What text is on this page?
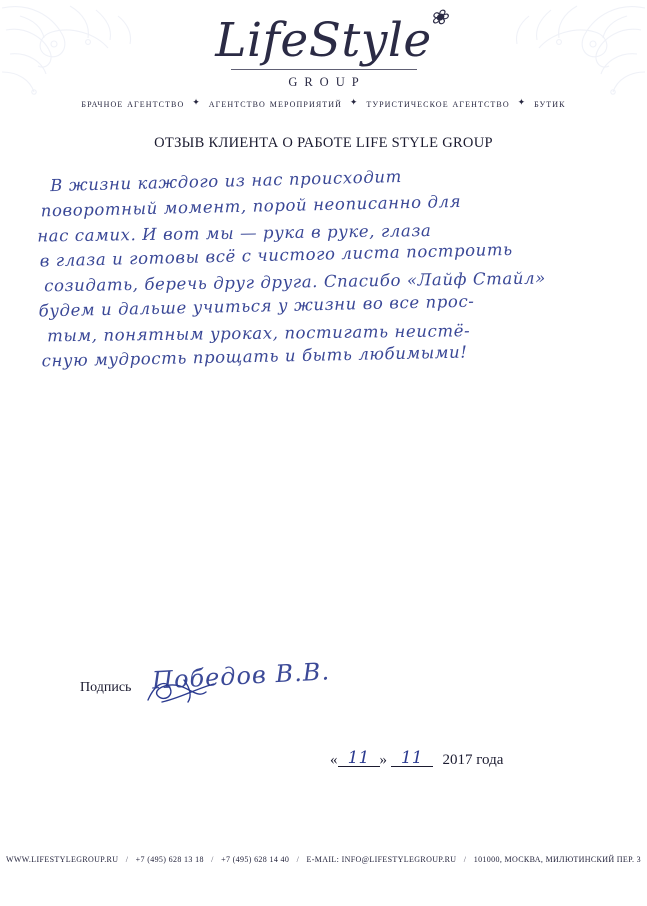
LifeStyle
❀
GROUP
брачное агентство ✦ агентство мероприятий ✦ туристическое агентство ✦ бутик
ОТЗЫВ КЛИЕНТА О РАБОТЕ LIFE STYLE GROUP
В жизни каждого из нас происходит
поворотный момент, порой неописанно для
нас самих. И вот мы — рука в руке, глаза
в глаза и готовы всё с чистого листа построить
созидать, беречь друг друга. Спасибо «Лайф Стайл»
будем и дальше учиться у жизни во все прос-
тым, понятным уроках, постигать неистё-
сную мудрость прощать и быть любимыми!
Подпись Победов В.В.
« 11 » 11 2017 года
WWW.LIFESTYLEGROUP.RU / +7 (495) 628 13 18 / +7 (495) 628 14 40 / E-MAIL: INFO@LIFESTYLEGROUP.RU / 101000, МОСКВА, МИЛЮТИНСКИЙ ПЕР. 3
